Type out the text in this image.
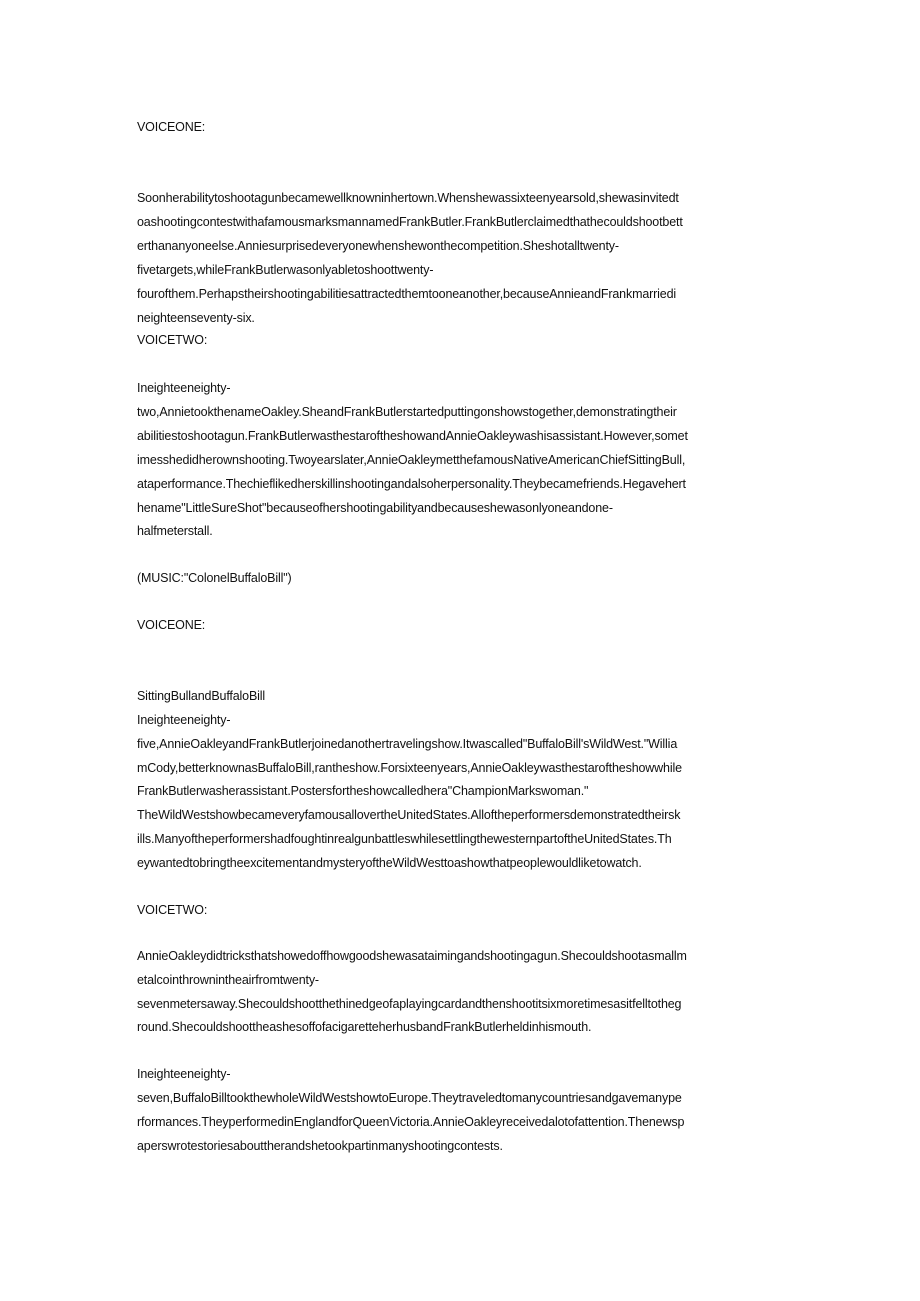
VOICEONE:
Soonherabilitytoshootagunbecamewellknowninhertown.Whenshewassixteenyearsold,shewasinvitedt
oashootingcontestwithafamousmarksmannamedFrankButler.FrankButlerclaimedthathecouldshootbett
erthananyoneelse.Anniesurprisedeveryonewhenshewonthecompetition.Sheshotalltwenty-
fivetargets,whileFrankButlerwasonlyabletoshoottwenty-
fourofthem.Perhapstheirshootingabilitiesattractedthemtooneanother,becauseAnnieandFrankmarriedi
neighteenseventy-six.
VOICETWO:
Ineighteeneighty-
two,AnnietookthenameOakley.SheandFrankButlerstartedputtingonshowstogether,demonstratingtheir
abilitiestoshootagun.FrankButlerwasthestaroftheshowandAnnieOakleywashisassistant.However,somet
imesshedidherownshooting.Twoyearslater,AnnieOakleymetthefamousNativeAmericanChiefSittingBull,
ataperformance.Thechieflikedherskillinshootingandalsoherpersonality.Theybecamefriends.Hegavehert
hename"LittleSureShot"becauseofhershootingabilityandbecauseshewasonlyoneandone-
halfmeterstall.
(MUSIC:"ColonelBuffaloBill")
VOICEONE:
SittingBullandBuffaloBill
Ineighteeneighty-
five,AnnieOakleyandFrankButlerjoinedanothertravelingshow.Itwascalled"BuffaloBill'sWildWest."Willia
mCody,betterknownasBuffaloBill,rantheshow.Forsixteenyears,AnnieOakleywasthestaroftheshowwhile
FrankButlerwasherassistant.Postersfortheshowcalledhera"ChampionMarkswoman."
TheWildWestshowbecameveryfamousallovertheUnitedStates.Alloftheperformersdemonstratedtheirsk
ills.ManyoftheperformershadfoughtinrealgunbattleswhilesettlingthewesternpartoftheUnitedStates.Th
eywantedtobringtheexcitementandmysteryoftheWildWesttoashowthatpeoplewouldliketowatch.
VOICETWO:
AnnieOakleydidtricksthatshowedoffhowgoodshewasataimingandshootingagun.Shecouldshootasmallm
etalcointhrownintheairfromtwenty-
sevenmetersaway.Shecouldshootthethinedgeofaplayingcardandthenshootitsixmoretimesasitfelltotheg
round.ShecouldshoottheashesoffofacigaretteherhusbandFrankButlerheldinhismouth.
Ineighteeneighty-
seven,BuffaloBilltookthewholeWildWestshowtoEurope.Theytraveledtomanycountriesandgavemanype
rformances.TheyperformedinEnglandforQueenVictoria.AnnieOakleyreceivedalotofattention.Thenewsp
aperswrotestoriesabouttherandshetookpartinmanyshootingcontests.
